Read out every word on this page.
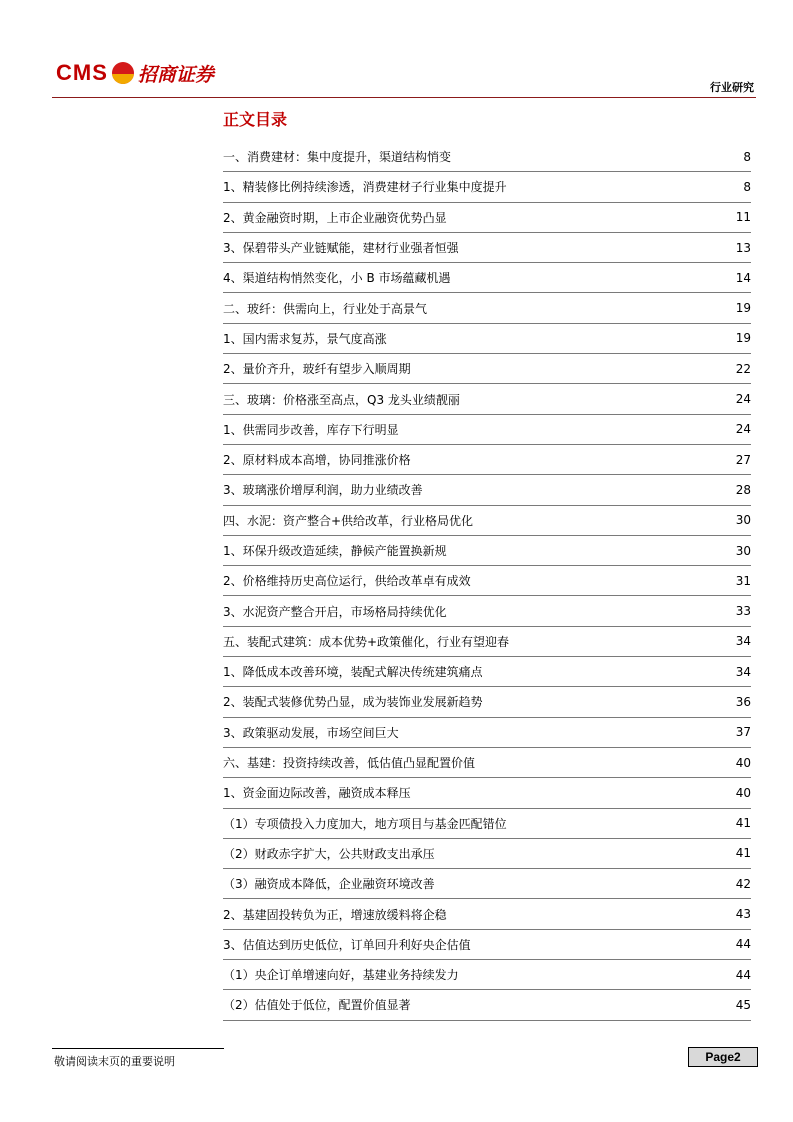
CMS 招商证券
行业研究
正文目录
一、消费建材：集中度提升，渠道结构悄变	8
1、精装修比例持续渗透，消费建材子行业集中度提升	8
2、黄金融资时期，上市企业融资优势凸显	11
3、保碧带头产业链赋能，建材行业强者恒强	13
4、渠道结构悄然变化，小 B 市场蕴藏机遇	14
二、玻纤：供需向上，行业处于高景气	19
1、国内需求复苏，景气度高涨	19
2、量价齐升，玻纤有望步入顺周期	22
三、玻璃：价格涨至高点，Q3 龙头业绩靓丽	24
1、供需同步改善，库存下行明显	24
2、原材料成本高增，协同推涨价格	27
3、玻璃涨价增厚利润，助力业绩改善	28
四、水泥：资产整合+供给改革，行业格局优化	30
1、环保升级改造延续，静候产能置换新规	30
2、价格维持历史高位运行，供给改革卓有成效	31
3、水泥资产整合开启，市场格局持续优化	33
五、装配式建筑：成本优势+政策催化，行业有望迎春	34
1、降低成本改善环境，装配式解决传统建筑痛点	34
2、装配式装修优势凸显，成为装饰业发展新趋势	36
3、政策驱动发展，市场空间巨大	37
六、基建：投资持续改善，低估值凸显配置价值	40
1、资金面边际改善，融资成本释压	40
（1）专项债投入力度加大，地方项目与基金匹配错位	41
（2）财政赤字扩大，公共财政支出承压	41
（3）融资成本降低，企业融资环境改善	42
2、基建固投转负为正，增速放缓料将企稳	43
3、估值达到历史低位，订单回升利好央企估值	44
（1）央企订单增速向好，基建业务持续发力	44
（2）估值处于低位，配置价值显著	45
敬请阅读末页的重要说明	Page2
